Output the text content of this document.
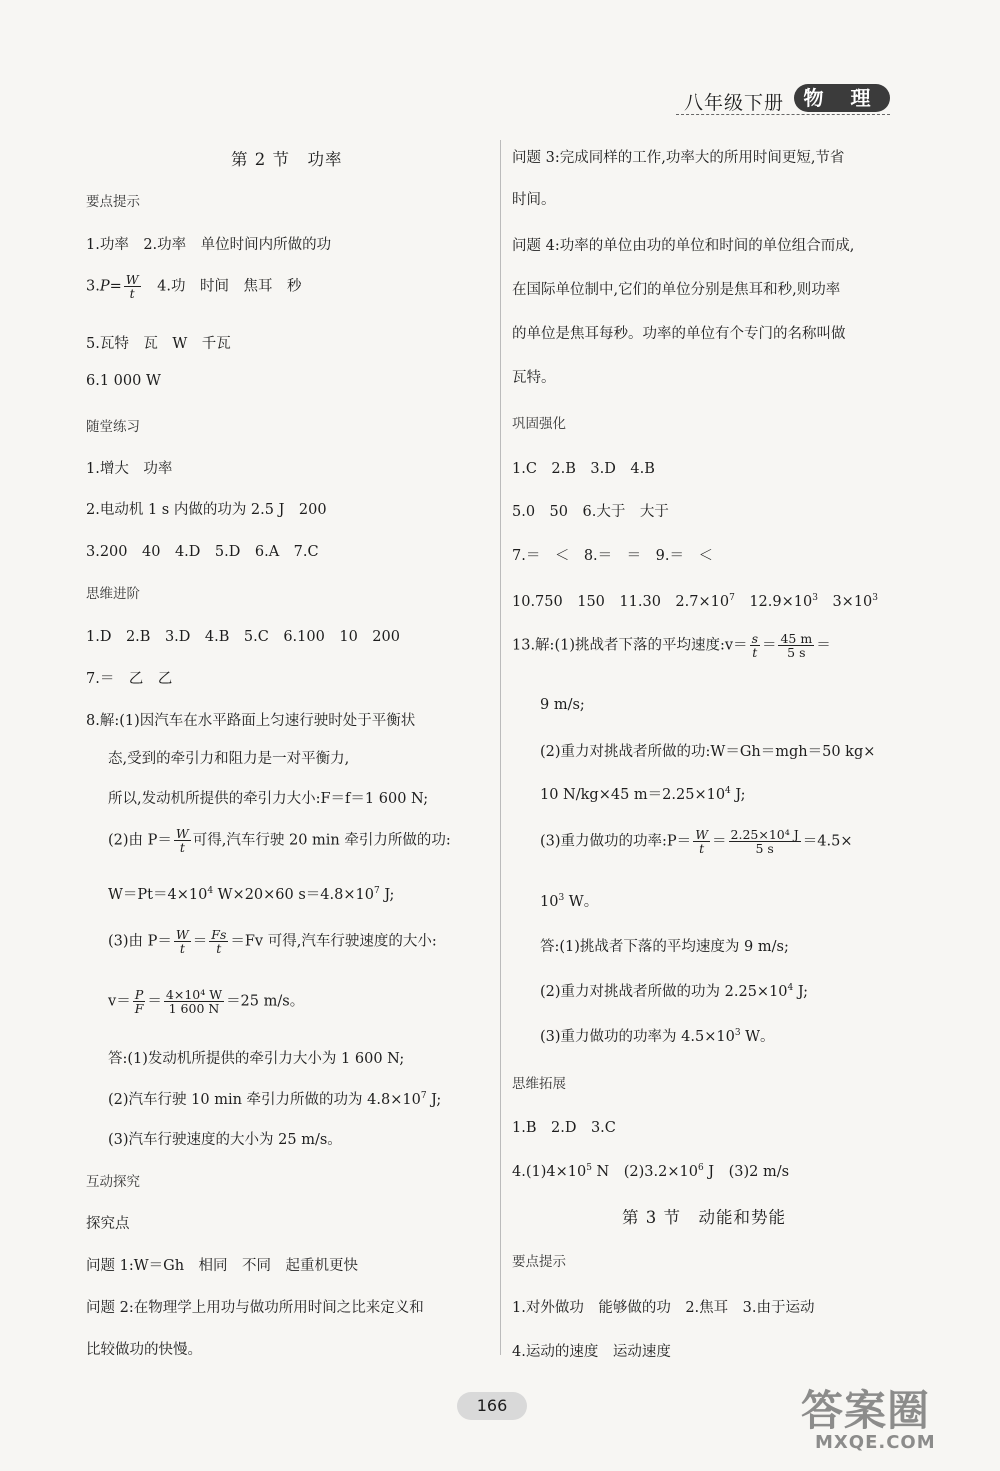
八年级下册 物 理
第 2 节　功率
要点提示
1.功率　2.功率　单位时间内所做的功
$3.P= \frac{W}{t}$ 　4.功　时间　焦耳　秒
5.瓦特　瓦　W　千瓦
6.1 000 W
随堂练习
1.增大　功率
2.电动机 1 s 内做的功为 2.5 J　200
3.200　40　4.D　5.D　6.A　7.C
思维进阶
1.D　2.B　3.D　4.B　5.C　6.100　10　200
7.＝　乙　乙
8.解:(1)因汽车在水平路面上匀速行驶时处于平衡状
态,受到的牵引力和阻力是一对平衡力,
所以,发动机所提供的牵引力大小:F＝f＝1 600 N;
(2)由 $P= \frac{W}{t}$ 可得,汽车行驶 20 min 牵引力所做的功:
$W=Pt=4\times 10^4$ W×20×60 $s=4.8\times 10^7$ J;
(3)由 $P= \frac{W}{t} = \frac{Fs}{t} =Fv$ 可得,汽车行驶速度的大小:
$v= \frac{P}{F} = \frac{\text{4×10⁴ W}}{1 600 N} =25$ m/s。
答:(1)发动机所提供的牵引力大小为 1 600 N;
(2)汽车行驶 10 min 牵引力所做的功为 $4.8\times 10^7$ J;
(3)汽车行驶速度的大小为 25 m/s。
互动探究
探究点
问题 1:W＝Gh　相同　不同　起重机更快
问题 2:在物理学上用功与做功所用时间之比来定义和
比较做功的快慢。
问题 3:完成同样的工作,功率大的所用时间更短,节省
时间。
问题 4:功率的单位由功的单位和时间的单位组合而成,
在国际单位制中,它们的单位分别是焦耳和秒,则功率
的单位是焦耳每秒。功率的单位有个专门的名称叫做
瓦特。
巩固强化
1.C　2.B　3.D　4.B
5.0　50　6.大于　大于
7.＝　＜　8.＝　＝　9.＝　＜
10.750　150　11.30　$2.7\times 10^7$　$12.9\times 10^3$　$3\times 10^3$
13.解:(1)挑战者下落的平均速度:v＝ $\frac{s}{t} = \frac{45 m}{5 s}$ ＝
9 m/s;
(2)重力对挑战者所做的功:W＝Gh＝mgh＝50 kg×
10 N/kg×45 $m=2.25\times 10^4$ J;
(3)重力做功的功率:P＝ $\frac{W}{t} = \frac{\text{2.25×10⁴ J}}{5 s} =4.5\times$
$10^3$ W。
答:(1)挑战者下落的平均速度为 9 m/s;
(2)重力对挑战者所做的功为 $2.25\times 10^4$ J;
(3)重力做功的功率为 $4.5\times 10^3$ W。
思维拓展
1.B　2.D　3.C
$4.(1)4\times 10^5$ N　$(2)3.2\times 10^6$ J　(3)2 m/s
第 3 节　动能和势能
要点提示
1.对外做功　能够做的功　2.焦耳　3.由于运动
4.运动的速度　运动速度
166	答案圈
MXQE.COM
